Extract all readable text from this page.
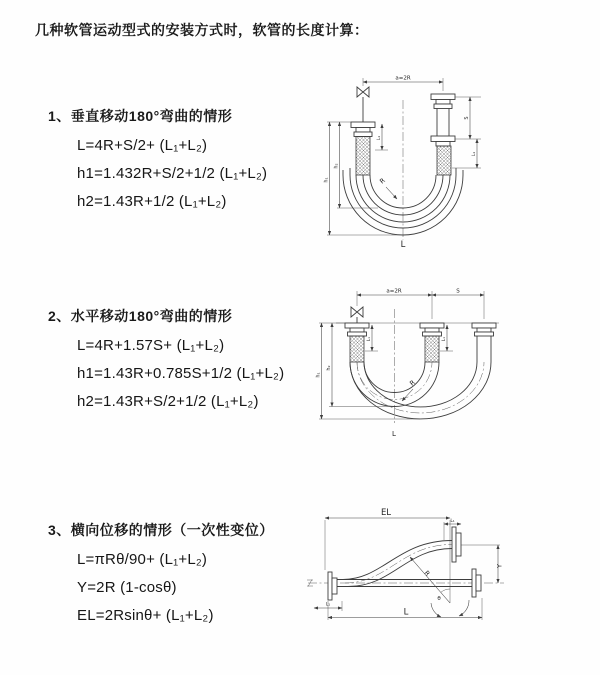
几种软管运动型式的安装方式时，软管的长度计算：
1、垂直移动180°弯曲的情形
L=4R+S/2+ (L₁+L₂)
h1=1.432R+S/2+1/2 (L₁+L₂)
h2=1.43R+1/2 (L₁+L₂)
2、水平移动180°弯曲的情形
L=4R+1.57S+ (L₁+L₂)
h1=1.43R+0.785S+1/2 (L₁+L₂)
h2=1.43R+S/2+1/2 (L₁+L₂)
3、横向位移的情形（一次性变位）
L=πRθ/90+ (L₁+L₂)
Y=2R (1-cosθ)
EL=2Rsinθ+ (L₁+L₂)
a=2R
h₁
h₂
L₁
S
L₁
R
L
a=2R	S
h₁
h₂
L₁	L₁
R
L
EL
L₁
Y
R
θ
L₁
L
